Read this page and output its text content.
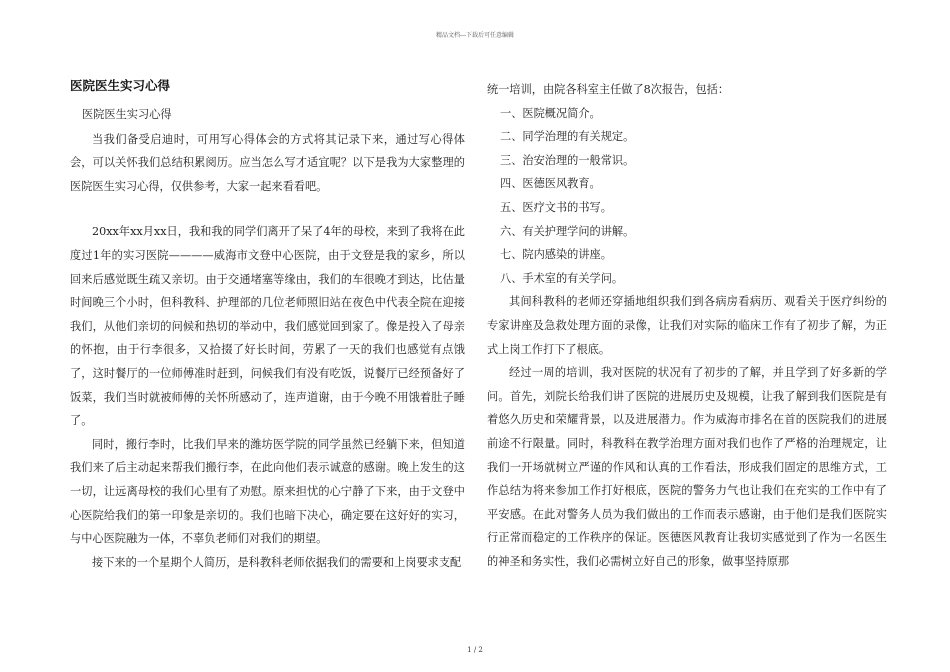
精品文档---下载后可任意编辑
医院医生实习心得

医院医生实习心得

当我们备受启迪时，可用写心得体会的方式将其记录下来，通过写心得体会，可以关怀我们总结积累阅历。应当怎么写才适宜呢？以下是我为大家整理的医院医生实习心得，仅供参考，大家一起来看看吧。

20xx年xx月xx日，我和我的同学们离开了呆了4年的母校，来到了我将在此度过1年的实习医院————威海市文登中心医院，由于文登是我的家乡，所以回来后感觉既生疏又亲切。由于交通堵塞等缘由，我们的车很晚才到达，比估量时间晚三个小时，但科教科、护理部的几位老师照旧站在夜色中代表全院在迎接我们，从他们亲切的问候和热切的举动中，我们感觉回到家了。像是投入了母亲的怀抱，由于行李很多，又拾掇了好长时间，劳累了一天的我们也感觉有点饿了，这时餐厅的一位师傅准时赶到，问候我们有没有吃饭，说餐厅已经预备好了饭菜，我们当时就被师傅的关怀所感动了，连声道谢，由于今晚不用饿着肚子睡了。

同时，搬行李时，比我们早来的潍坊医学院的同学虽然已经躺下来，但知道我们来了后主动起来帮我们搬行李，在此向他们表示诚意的感谢。晚上发生的这一切，让远离母校的我们心里有了劝慰。原来担忧的心宁静了下来，由于文登中心医院给我们的第一印象是亲切的。我们也暗下决心，确定要在这好好的实习，与中心医院融为一体，不辜负老师们对我们的期望。

接下来的一个星期个人简历，是科教科老师依据我们的需要和上岗要求支配

统一培训，由院各科室主任做了8次报告，包括：

一、医院概况简介。

二、同学治理的有关规定。

三、治安治理的一般常识。

四、医德医风教育。

五、医疗文书的书写。

六、有关护理学问的讲解。

七、院内感染的讲座。

八、手术室的有关学问。

其间科教科的老师还穿插地组织我们到各病房看病历、观看关于医疗纠纷的专家讲座及急救处理方面的录像，让我们对实际的临床工作有了初步了解，为正式上岗工作打下了根底。

经过一周的培训，我对医院的状况有了初步的了解，并且学到了好多新的学问。首先，刘院长给我们讲了医院的进展历史及规模，让我了解到我们医院是有着悠久历史和荣耀背景，以及进展潜力。作为威海市排名在首的医院我们的进展前途不行限量。同时，科教科在教学治理方面对我们也作了严格的治理规定，让我们一开场就树立严谨的作风和认真的工作看法，形成我们固定的思维方式，工作总结为将来参加工作打好根底，医院的警务力气也让我们在充实的工作中有了平安感。在此对警务人员为我们做出的工作而表示感谢，由于他们是我们医院实行正常而稳定的工作秩序的保证。医德医风教育让我切实感觉到了作为一名医生的神圣和务实性，我们必需树立好自己的形象，做事坚持原那

1 / 2
